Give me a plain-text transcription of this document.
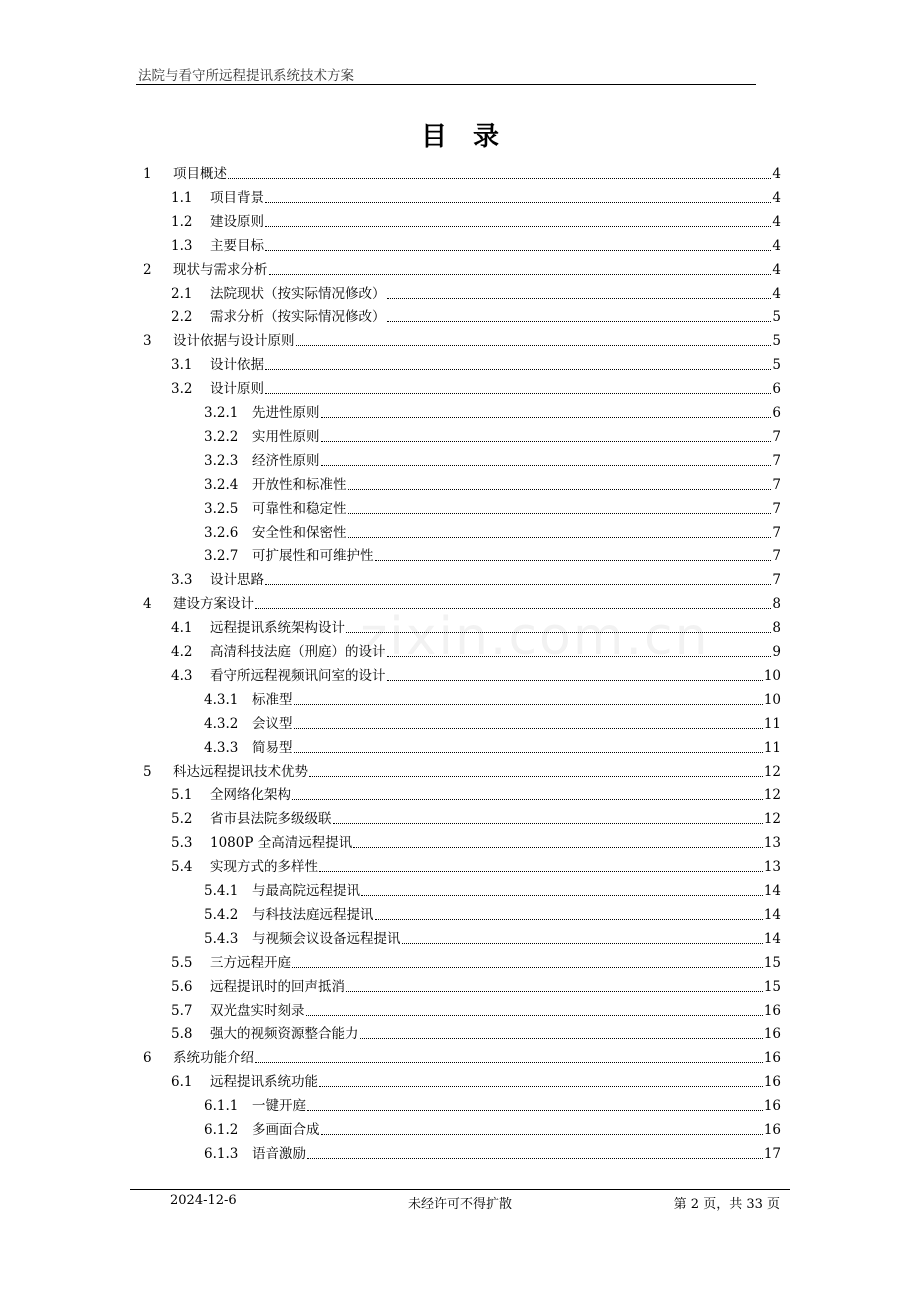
法院与看守所远程提讯系统技术方案
目录
zixin.com.cn
1	项目概述	4
1.1	项目背景	4
1.2	建设原则	4
1.3	主要目标	4
2	现状与需求分析	4
2.1	法院现状（按实际情况修改）	4
2.2	需求分析（按实际情况修改）	5
3	设计依据与设计原则	5
3.1	设计依据	5
3.2	设计原则	6
3.2.1	先进性原则	6
3.2.2	实用性原则	7
3.2.3	经济性原则	7
3.2.4	开放性和标准性	7
3.2.5	可靠性和稳定性	7
3.2.6	安全性和保密性	7
3.2.7	可扩展性和可维护性	7
3.3	设计思路	7
4	建设方案设计	8
4.1	远程提讯系统架构设计	8
4.2	高清科技法庭（刑庭）的设计	9
4.3	看守所远程视频讯问室的设计	10
4.3.1	标准型	10
4.3.2	会议型	11
4.3.3	简易型	11
5	科达远程提讯技术优势	12
5.1	全网络化架构	12
5.2	省市县法院多级级联	12
5.3	1080P 全高清远程提讯	13
5.4	实现方式的多样性	13
5.4.1	与最高院远程提讯	14
5.4.2	与科技法庭远程提讯	14
5.4.3	与视频会议设备远程提讯	14
5.5	三方远程开庭	15
5.6	远程提讯时的回声抵消	15
5.7	双光盘实时刻录	16
5.8	强大的视频资源整合能力	16
6	系统功能介绍	16
6.1	远程提讯系统功能	16
6.1.1	一键开庭	16
6.1.2	多画面合成	16
6.1.3	语音激励	17
2024-12-6	未经许可不得扩散	第 2 页，共 33 页
